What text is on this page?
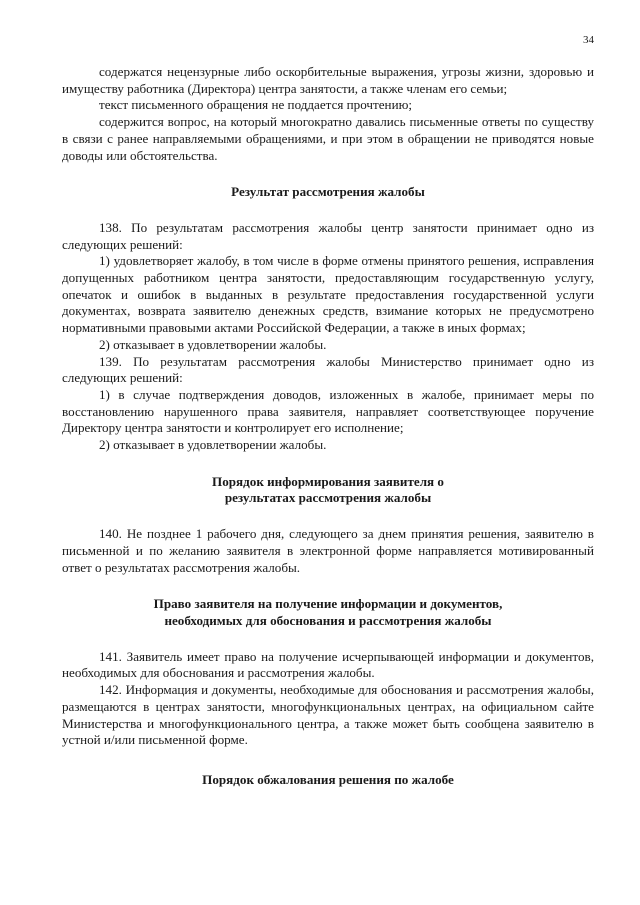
34

содержатся нецензурные либо оскорбительные выражения, угрозы жизни, здоровью и имуществу работника (Директора) центра занятости, а также членам его семьи;

текст письменного обращения не поддается прочтению;

содержится вопрос, на который многократно давались письменные ответы по существу в связи с ранее направляемыми обращениями, и при этом в обращении не приводятся новые доводы или обстоятельства.

Результат рассмотрения жалобы

138. По результатам рассмотрения жалобы центр занятости принимает одно из следующих решений:

1) удовлетворяет жалобу, в том числе в форме отмены принятого решения, исправления допущенных работником центра занятости, предоставляющим государственную услугу, опечаток и ошибок в выданных в результате предоставления государственной услуги документах, возврата заявителю денежных средств, взимание которых не предусмотрено нормативными правовыми актами Российской Федерации, а также в иных формах;

2) отказывает в удовлетворении жалобы.

139. По результатам рассмотрения жалобы Министерство принимает одно из следующих решений:

1) в случае подтверждения доводов, изложенных в жалобе, принимает меры по восстановлению нарушенного права заявителя, направляет соответствующее поручение Директору центра занятости и контролирует его исполнение;

2) отказывает в удовлетворении жалобы.

Порядок информирования заявителя о
результатах рассмотрения жалобы

140. Не позднее 1 рабочего дня, следующего за днем принятия решения, заявителю в письменной и по желанию заявителя в электронной форме направляется мотивированный ответ о результатах рассмотрения жалобы.

Право заявителя на получение информации и документов,
необходимых для обоснования и рассмотрения жалобы

141. Заявитель имеет право на получение исчерпывающей информации и документов, необходимых для обоснования и рассмотрения жалобы.

142. Информация и документы, необходимые для обоснования и рассмотрения жалобы, размещаются в центрах занятости, многофункциональных центрах, на официальном сайте Министерства и многофункционального центра, а также может быть сообщена заявителю в устной и/или письменной форме.

Порядок обжалования решения по жалобе
